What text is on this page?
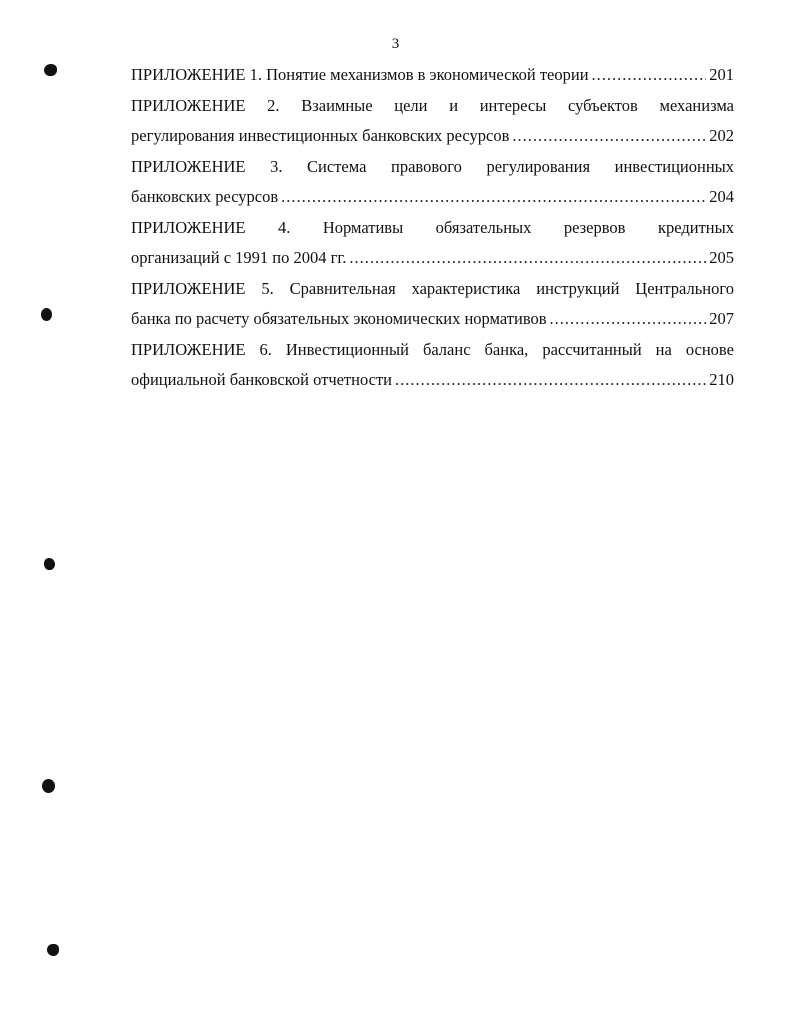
3
ПРИЛОЖЕНИЕ 1. Понятие механизмов в экономической теории .....	201
ПРИЛОЖЕНИЕ 2. Взаимные цели и интересы субъектов механизма
регулирования инвестиционных банковских ресурсов .....	202
ПРИЛОЖЕНИЕ 3. Система правового регулирования инвестиционных
банковских ресурсов .....	204
ПРИЛОЖЕНИЕ 4. Нормативы обязательных резервов кредитных
организаций с 1991 по 2004 гг. .....	205
ПРИЛОЖЕНИЕ 5. Сравнительная характеристика инструкций Центрального
банка по расчету обязательных экономических нормативов .....	207
ПРИЛОЖЕНИЕ 6. Инвестиционный баланс банка, рассчитанный на основе
официальной банковской отчетности .....	210
